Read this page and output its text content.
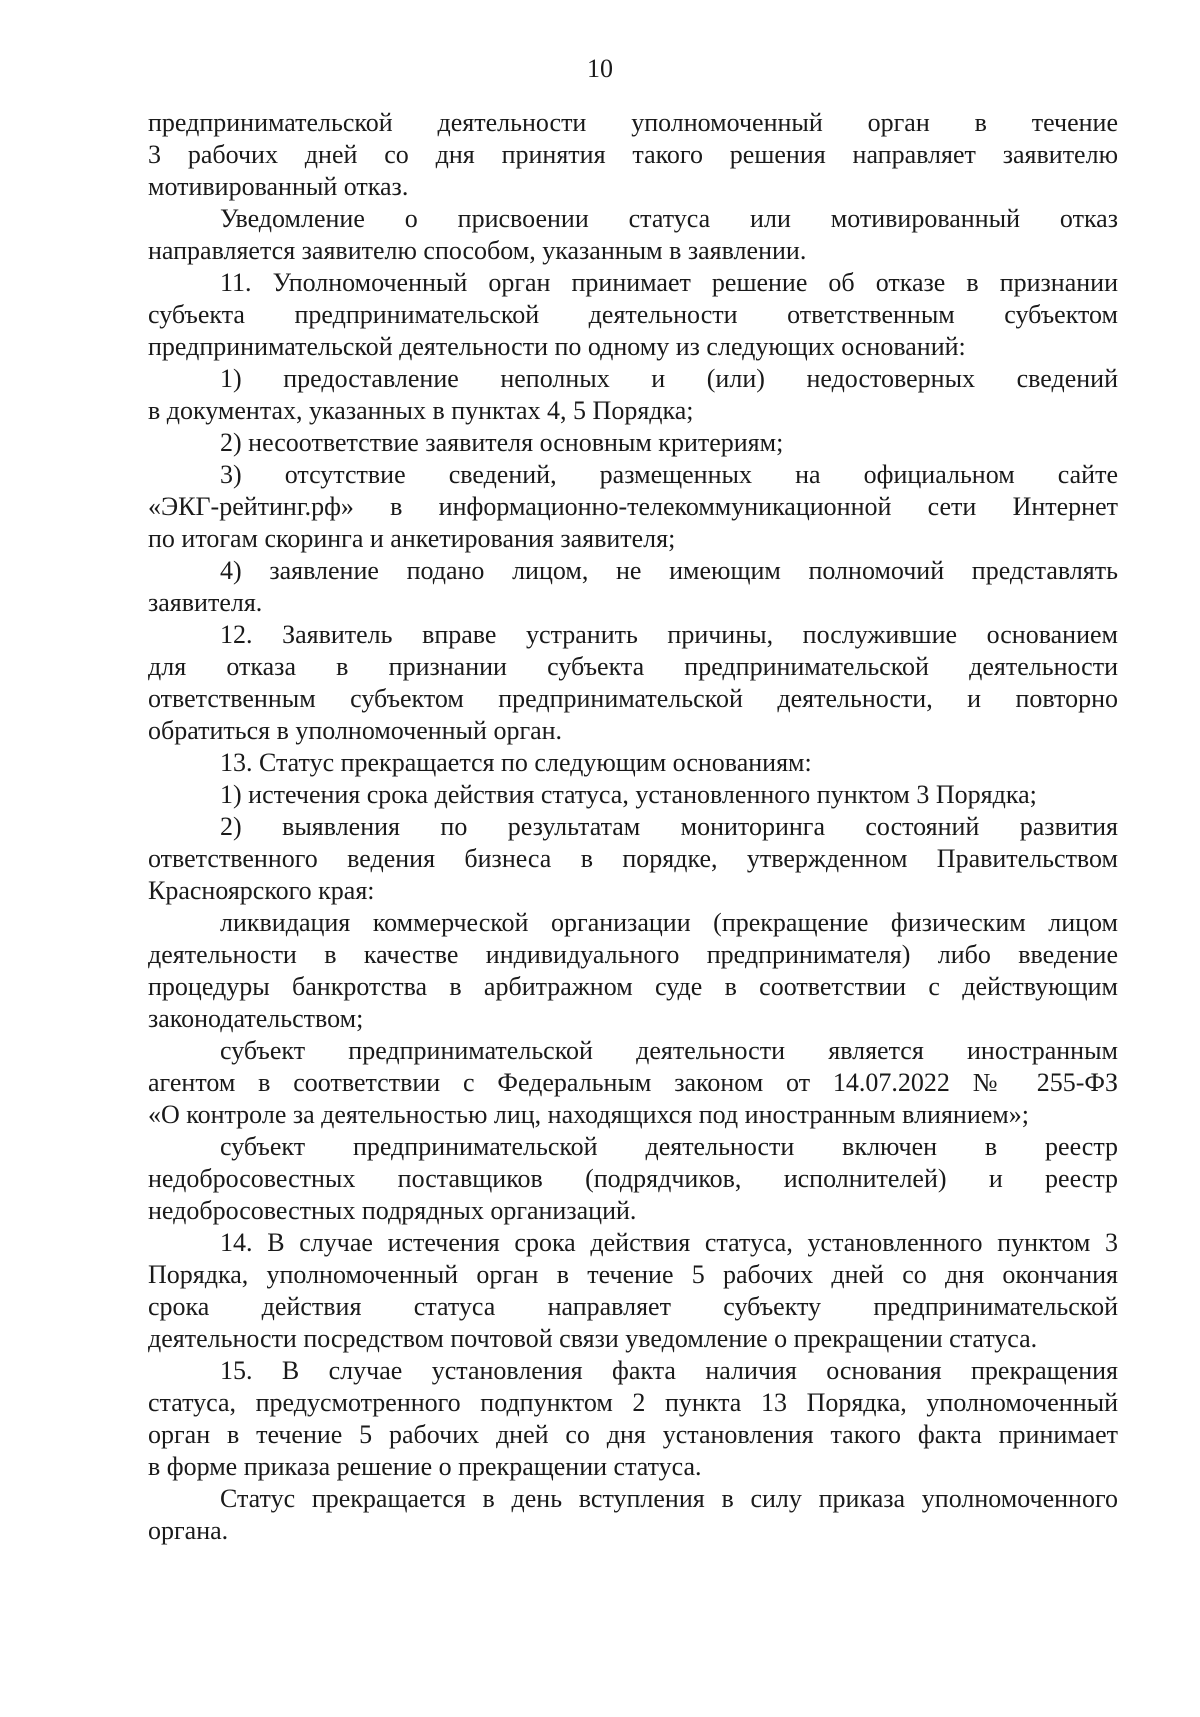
10
предпринимательской деятельности уполномоченный орган в течение
3 рабочих дней со дня принятия такого решения направляет заявителю
мотивированный отказ.
Уведомление о присвоении статуса или мотивированный отказ
направляется заявителю способом, указанным в заявлении.
11. Уполномоченный орган принимает решение об отказе в признании
субъекта предпринимательской деятельности ответственным субъектом
предпринимательской деятельности по одному из следующих оснований:
1) предоставление неполных и (или) недостоверных сведений
в документах, указанных в пунктах 4, 5 Порядка;
2) несоответствие заявителя основным критериям;
3) отсутствие сведений, размещенных на официальном сайте
«ЭКГ-рейтинг.рф» в информационно-телекоммуникационной сети Интернет
по итогам скоринга и анкетирования заявителя;
4) заявление подано лицом, не имеющим полномочий представлять
заявителя.
12. Заявитель вправе устранить причины, послужившие основанием
для отказа в признании субъекта предпринимательской деятельности
ответственным субъектом предпринимательской деятельности, и повторно
обратиться в уполномоченный орган.
13. Статус прекращается по следующим основаниям:
1) истечения срока действия статуса, установленного пунктом 3 Порядка;
2) выявления по результатам мониторинга состояний развития
ответственного ведения бизнеса в порядке, утвержденном Правительством
Красноярского края:
ликвидация коммерческой организации (прекращение физическим лицом
деятельности в качестве индивидуального предпринимателя) либо введение
процедуры банкротства в арбитражном суде в соответствии с действующим
законодательством;
субъект предпринимательской деятельности является иностранным
агентом в соответствии с Федеральным законом от 14.07.2022 № 255-ФЗ
«О контроле за деятельностью лиц, находящихся под иностранным влиянием»;
субъект предпринимательской деятельности включен в реестр
недобросовестных поставщиков (подрядчиков, исполнителей) и реестр
недобросовестных подрядных организаций.
14. В случае истечения срока действия статуса, установленного пунктом 3
Порядка, уполномоченный орган в течение 5 рабочих дней со дня окончания
срока действия статуса направляет субъекту предпринимательской
деятельности посредством почтовой связи уведомление о прекращении статуса.
15. В случае установления факта наличия основания прекращения
статуса, предусмотренного подпунктом 2 пункта 13 Порядка, уполномоченный
орган в течение 5 рабочих дней со дня установления такого факта принимает
в форме приказа решение о прекращении статуса.
Статус прекращается в день вступления в силу приказа уполномоченного
органа.
